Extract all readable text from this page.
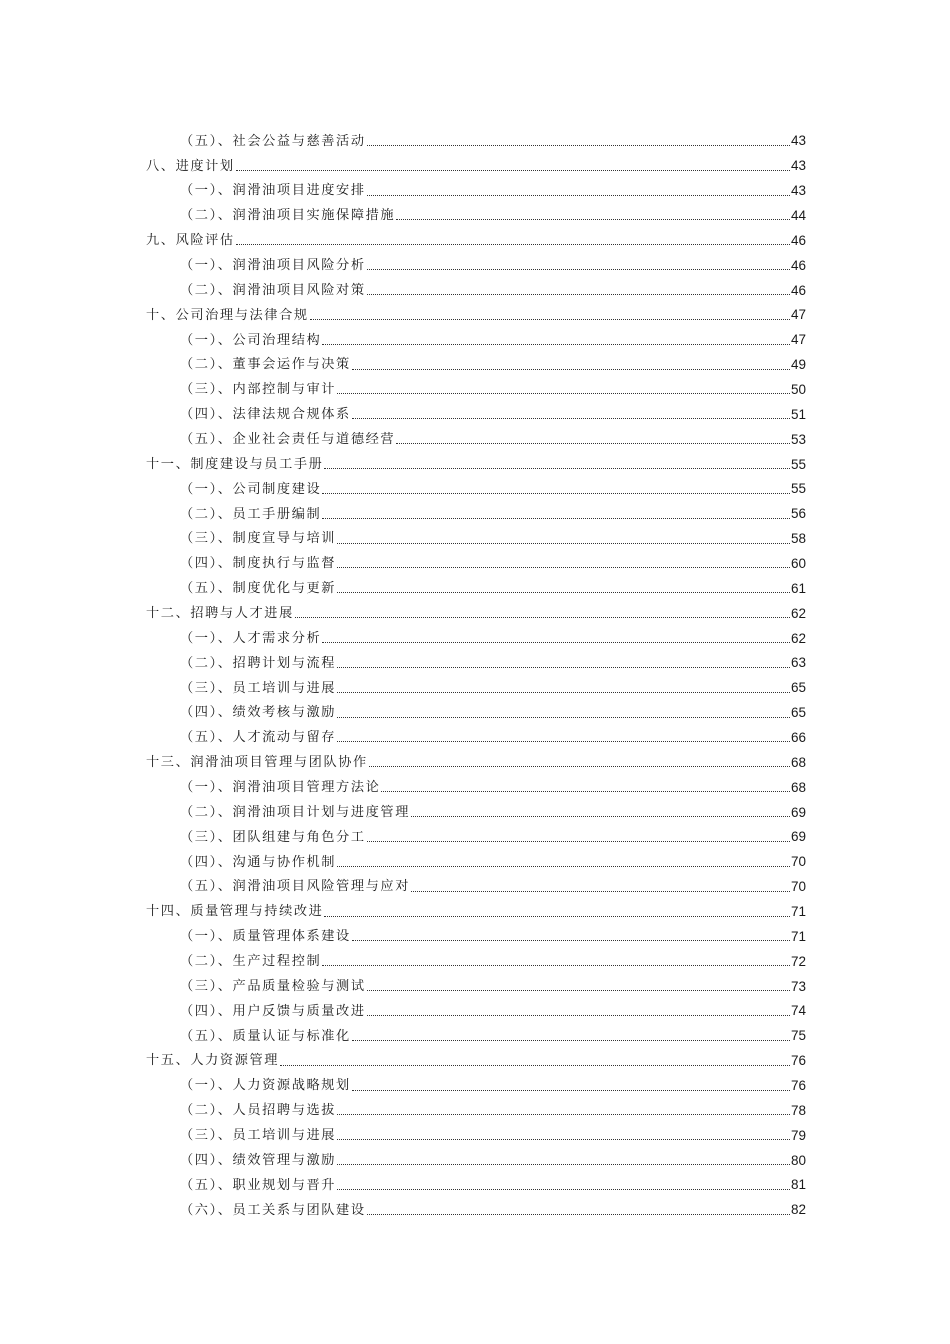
（五）、社会公益与慈善活动	43
八、进度计划	43
（一）、润滑油项目进度安排	43
（二）、润滑油项目实施保障措施	44
九、风险评估	46
（一）、润滑油项目风险分析	46
（二）、润滑油项目风险对策	46
十、公司治理与法律合规	47
（一）、公司治理结构	47
（二）、董事会运作与决策	49
（三）、内部控制与审计	50
（四）、法律法规合规体系	51
（五）、企业社会责任与道德经营	53
十一、制度建设与员工手册	55
（一）、公司制度建设	55
（二）、员工手册编制	56
（三）、制度宣导与培训	58
（四）、制度执行与监督	60
（五）、制度优化与更新	61
十二、招聘与人才进展	62
（一）、人才需求分析	62
（二）、招聘计划与流程	63
（三）、员工培训与进展	65
（四）、绩效考核与激励	65
（五）、人才流动与留存	66
十三、润滑油项目管理与团队协作	68
（一）、润滑油项目管理方法论	68
（二）、润滑油项目计划与进度管理	69
（三）、团队组建与角色分工	69
（四）、沟通与协作机制	70
（五）、润滑油项目风险管理与应对	70
十四、质量管理与持续改进	71
（一）、质量管理体系建设	71
（二）、生产过程控制	72
（三）、产品质量检验与测试	73
（四）、用户反馈与质量改进	74
（五）、质量认证与标准化	75
十五、人力资源管理	76
（一）、人力资源战略规划	76
（二）、人员招聘与选拔	78
（三）、员工培训与进展	79
（四）、绩效管理与激励	80
（五）、职业规划与晋升	81
（六）、员工关系与团队建设	82
